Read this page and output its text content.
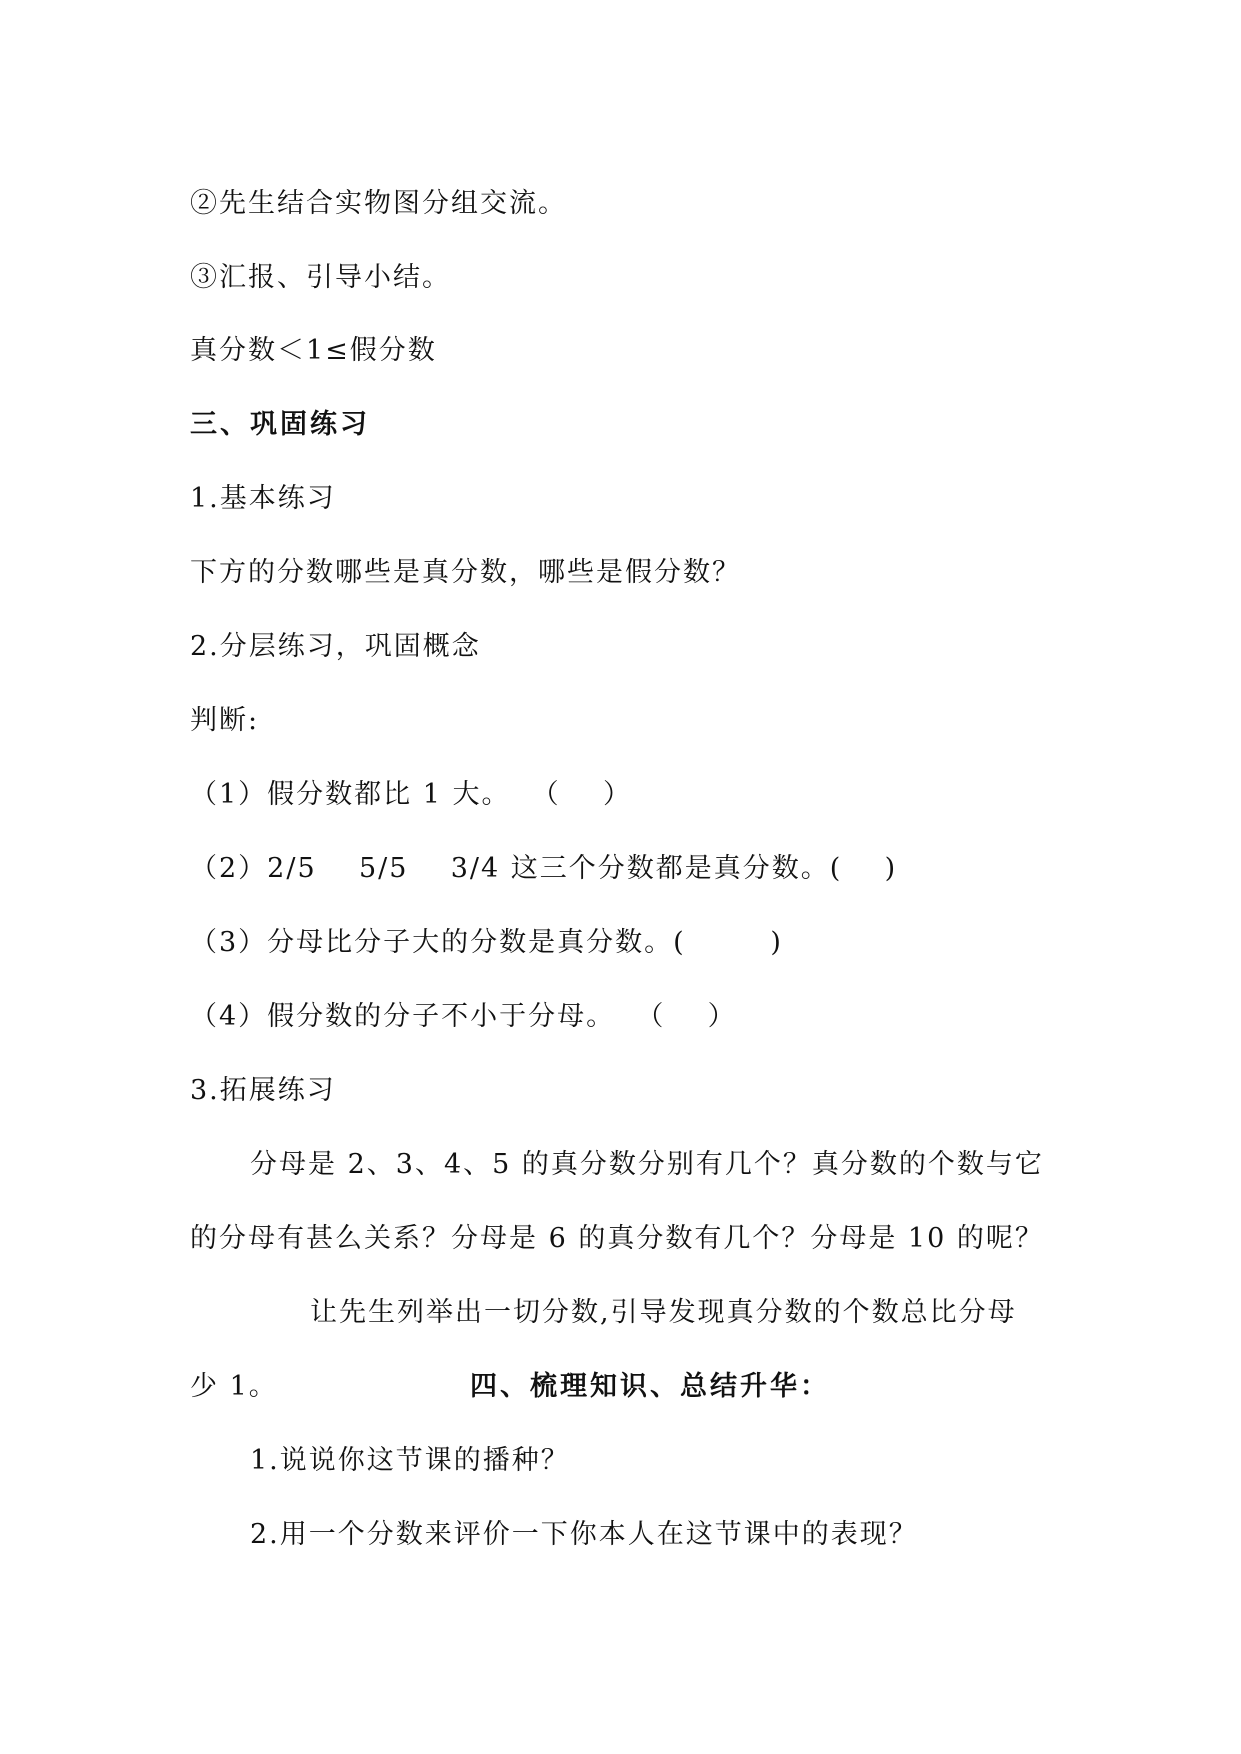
②先生结合实物图分组交流。
③汇报、引导小结。
真分数＜1≤假分数
三、巩固练习
1.基本练习
下方的分数哪些是真分数，哪些是假分数？
2.分层练习，巩固概念
判断:
（1）假分数都比 1 大。  （    ）
（2）2/5    5/5    3/4 这三个分数都是真分数。(    )
（3）分母比分子大的分数是真分数。(        )
（4）假分数的分子不小于分母。  （    ）
3.拓展练习
分母是 2、3、4、5 的真分数分别有几个？真分数的个数与它
的分母有甚么关系？分母是 6 的真分数有几个？分母是 10 的呢？
让先生列举出一切分数,引导发现真分数的个数总比分母
少 1。	四、梳理知识、总结升华：
1.说说你这节课的播种？
2.用一个分数来评价一下你本人在这节课中的表现？
